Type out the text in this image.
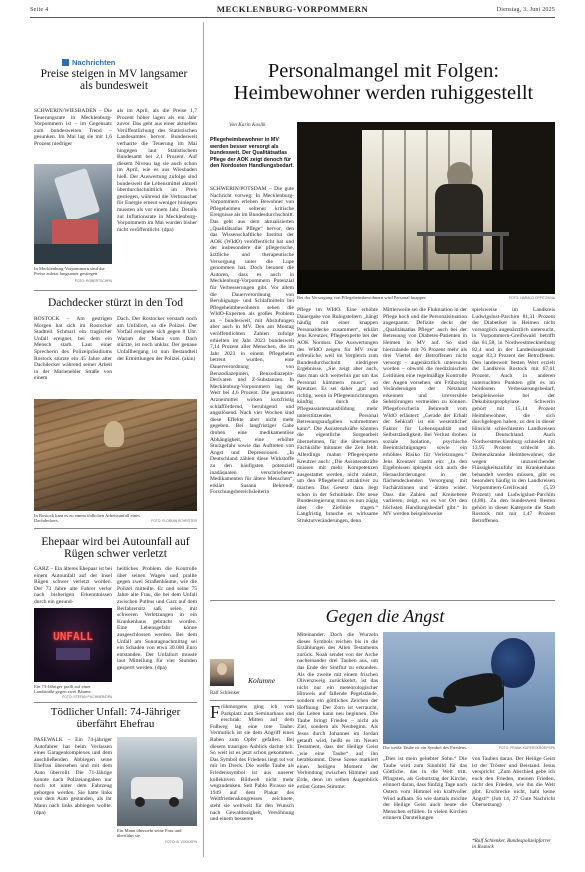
Seite 4	MECKLENBURG-VORPOMMERN	Dienstag, 3. Juni 2025
Nachrichten
Preise steigen in MV langsamer als bundesweit
SCHWERIN/WIESBADEN – Die Teuerungsrate in Mecklenburg-Vorpommern ist – im Gegensatz zum bundesweiten Trend – gesunken. Im Mai lag sie mit 1,6 Prozent niedriger
In Mecklenburg-Vorpommern sind die Preise zuletzt langsamer gestiegen.
FOTO: ROBERTSCHPN
als im April, als die Preise 1,7 Prozent höher lagen als ein Jahr zuvor. Das geht aus einer aktuellen Veröffentlichung des Statistischen Landesamtes hervor. Bundesweit verharrte die Teuerung im Mai hingegen laut Statistischem Bundesamt bei 2,1 Prozent. Auf diesem Niveau lag sie auch schon im April, wie es aus Wiesbaden hieß. Der Auswertung zufolge sind bundesweit die Lebensmittel aktuell überdurchschnittlich im Preis gestiegen, während die Verbraucher für Energie erneut weniger hinlegen mussten als vor einem Jahr. Details zur Inflationsrate in Mecklenburg-Vorpommern im Mai wurden bisher nicht veröffentlicht. (dpa)
Dachdecker stürzt in den Tod
ROSTOCK – Am gestrigen Morgen hat sich im Rostocker Stadtteil Schmarl ein tragischer Unfall ereignet, bei dem ein Mensch starb. Laut einer Sprecherin des Polizeipräsidiums Rostock stürzte ein 45 Jahre alter Dachdecker während seiner Arbeit in der Marienehler Straße von einem
Dach. Der Rostocker verstarb noch am Unfallort, so die Polizei. Der Vorfall ereignete sich gegen 8 Uhr. Warum der Mann vom Dach stürzte, ist noch unklar. Der genaue Unfallhergang ist nun Bestandteil der Ermittlungen der Polizei. (akin)
In Rostock kam es zu einem tödlichen Arbeitsunfall eines Dachdeckers.	FOTO: FLORIAN SCHRÖTER
Ehepaar wird bei Autounfall auf Rügen schwer verletzt
GARZ – Ein älteres Ehepaar ist bei einem Autounfall auf der Insel Rügen schwer verletzt worden. Der 73 Jahre alte Fahrer verlor nach bisherigen Erkenntnissen durch ein gesund-
UNFALL
Ein 73-Jähriger prallt auf einer Landstraße gegen zwei Bäume.
FOTO: STEFAN PUCHNER/DPA
heitliches Problem die Kontrolle über seinen Wagen und prallte gegen zwei Straßenbäume, wie die Polizei mitteilte. Er und seine 75 Jahre alte Frau, die bei dem Unfall zwischen Putbus und Garz auf dem Beifahrersitz saß, seien mit schweren Verletzungen in ein Krankenhaus gebracht worden. Eine Lebensgefahr könne ausgeschlossen werden. Bei dem Unfall am Sonntagnachmittag sei ein Schaden von etwa 30.000 Euro entstanden. Der Unfallort musste laut Mitteilung für vier Stunden gesperrt werden. (dpa)
Tödlicher Unfall: 74-Jähriger überfährt Ehefrau
PASEWALK – Ein 74-jähriger Autofahrer hat beim Verlassen eines Garagenkomplexes und dem anschließenden Abbiegen seine Ehefrau übersehen und mit dem Auto überrollt. Die 71-Jährige konnte nach Polizeiangaben nur noch tot unter dem Fahrzeug geborgen werden. Sie hatte links von dem Auto gestanden, als ihr Mann nach links abbiegen wollte. (dpa)
Ein Mann übersieht seine Frau und überfährt sie.
FOTO: B. VOGLSPN
Personalmangel mit Folgen: Heimbewohner werden ruhiggestellt
Von Karin Koslik
Pflegeheimbewohner in MV werden besser versorgt als bundesweit. Der Qualitätsatlas Pflege der AOK zeigt denoch für den Nordosten Handlungsbedarf.
SCHWERIN/POTSDAM – Die gute Nachricht vorweg: In Mecklenburg-Vorpommern erleben Bewohner von Pflegeheimen seltener kritische Ereignisse als im Bundesdurchschnitt. Das geht aus dem aktualisierten „Qualitätsatlas Pflege“ hervor, den das Wissenschaftliche Institut der AOK (WIdO) veröffentlicht hat und der insbesondere die pflegerische, ärztliche und therapeutische Versorgung unter die Lupe genommen hat. Doch betonen die Autoren, dass es auch in Mecklenburg-Vorpommern Potenzial für Verbesserungen gibt. Vor allem die Dauerverordnung von Beruhigungs- und Schlafmitteln bei Pflegeheimbewohnern sehen die WIdO-Experten als großes Problem an – bundesweit, mit Abstufungen aber auch in MV. Den am Montag veröffentlichten Zahlen zufolge erhielten im Jahr 2023 bundesweit 7,14 Prozent aller Menschen, die im Jahr 2023 in einem Pflegeheim betreut wurden, eine Dauerverordnung von Benzodiazepinen, Benzodiazepin-Derivaten und Z-Substanzen. In Mecklenburg-Vorpommern lag der Wert bei 4,6 Prozent. Die genannten Arzneimittel wirken kurzfristig schlaffördernd, beruhigend und angstlösend. Nach vier Wochen sind diese Effekte aber nicht mehr gegeben. Bei langfristiger Gabe drohen eine medikamentöse Abhängigkeit, eine erhöhte Sturzgefahr sowie das Auftreten von Angst und Depressionen. „In Deutschland zählen diese Wirkstoffe zu den häufigsten potenziell inadäquaten verschriebenen Medikamenten für ältere Menschen“, erklärt Susann Behrendt, Forschungsbereichsleiterin
Bei der Versorgung von Pflegeheimbewohnern wird Personal knapper.	FOTO: HARALD OPPITZ/KNA
Pflege im WIdO. Eine erhöhte Dauergabe von Ruhigstellern „hängt häufig mit einer knappen Personaldecke zusammen“, erklärt Jens Kreutzer, Pflegeexperte bei der AOK Nordost. Die Auswertungen des WIdO zeigen für MV zwar erfreuliche, weil im Vergleich zum Bundesdurchschnitt niedrigere Ergebnisse. „Sie zeigt aber auch, dass man sich weiterhin gut um das Personal kümmern muss“, so Kreutzer. Es sei daher „gut und richtig, wenn in Pflegeeinrichtungen künftig durch die Pflegeassistenzausbildung mehr unterstützendes Personal Betreuungsaufgaben wahrnehmen kann“. Die Assistenzkräfte könnten die eigentliche Sorgearbeit übernehmen, für die überlasteten Fachkräfte mitunter die Zeit fehlt. Allerdings mahnt Pflegeexperte Kreutzer auch: „Die Assistenzkräfte müssen mit mehr Kompetenzen ausgestattet werden, nicht zuletzt, um den Pflegeberuf attraktiver zu machen. Das Gesetz dazu liegt schon in der Schublade. Die neue Bundesregierung muss es nun zügig über die Ziellinie tragen.“ Langfristig brauche es wirksame Strukturveränderungen, denn
Mittlerweile sei die Fluktuation in der Pflege hoch und die Personalsituation angespannt. Defizite deckt der „Qualitätsatlas Pflege“ auch bei der Betreuung von Diabetes-Patienten in Heimen in MV auf. So sind hierzulande mit 76 Prozent mehr als drei Viertel der Betroffenen nicht versorgt – augenärztlich untersucht worden – obwohl die medizinischen Leitlinien eine regelmäßige Kontrolle der Augen vorsehen, um Frühzeitig Veränderungen der Netzhaut erkennen und irreversible Sehstörungen vermeiden zu können. Pflegeforscherin Behrendt vom WIdO erläutert: „Gerade der Erhalt der Sehkraft ist ein wesentlicher Faktor für Lebensqualität und Selbstständigkeit. Bei Verlust drohen soziale Isolation, psychische Beeinträchtigungen sowie ein erhöhtes Risiko für Verletzungen.“ Jens Kreutzer räumt ein: „In den Ergebnissen spiegeln sich auch die Herausforderungen in der flächendeckenden Versorgung mit Fachärztinnen und -ärzten wider. Dass die Zahlen auf Kreisebene variieren, zeigt, wo es vor Ort den höchsten Handlungsbedarf gibt.“ In MV werden beispielsweise
spielsweise im Landkreis Ludwigslust-Parchim 81,31 Prozent der Diabetiker in Heimen nicht vorsorglich augenärztlich untersucht, in Vorpommern-Greifswald betrifft das 81,58, in Nordwestmecklenburg 82,4 und in der Landeshauptstadt sogar 83,3 Prozent der Betroffenen. Den landesweit besten Wert erzielt der Landkreis Rostock mit 67,61 Prozent. Auch in anderen untersuchten Punkten gibt es im Nordosten Verbesserungsbedarf, beispielsweise bei der Dekubitusprophylaxe. Schwerin gehört mit 15,14 Prozent Heimbewohner, die sich durchgelegen haben, zu den in dieser Hinsicht schlechtesten Landkreisen in Deutschland. Auch Nordwestmecklenburg schneidet mit 13,95 Prozent schlecht ab. Demenzkranke Heimbewohner, die wegen unzureichender Flüssigkeitszufuhr im Krankenhaus behandelt werden müssen, gibt es besonders häufig in den Landkreisen Vorpommern-Greifswald (5,59 Prozent) und Ludwigslust-Parchim (4,88). Zu den bundesweit Besten gehört in dieser Kategorie die Stadt Rostock mit nur 1,47 Prozent Betroffenen.
Gegen die Angst
Kolumne
Ralf Schlenker
Frühmorgens ging ich vom Parkplatz zum Seminarhaus und erschrak: Mitten auf dem Fußweg lag eine tote Taube. Vermutlich ist sie dem Angriff eines Raben zum Opfer gefallen. Bei diesem traurigen Anblick dachte ich: So weit ist es jetzt schon gekommen. Das Symbol des Friedens liegt tot vor mir im Dreck. Die weiße Taube als Friedenssymbol ist aus unserer kollektiven Bildwelt nicht mehr wegzudenken. Seit Pablo Picasso sie 1949 auf dem Plakat des Weltfriedenskongresses zeichnete, steht sie weltweit für den Wunsch nach Gewaltlosigkeit, Versöhnung und einem besseren
Miteinander. Doch die Wurzeln dieses Symbols reichen bis in die Erzählungen des Alten Testaments zurück. Noah sendet von der Arche nacheinander drei Tauben aus, um das Ende der Sintflut zu erkunden. Als die zweite mit einem frischen Olivenzweig zurückkehrt, ist das nicht nur ein meteorologischer Hinweis auf fallende Pegelstände, sondern ein göttliches Zeichen der Hoffnung: Der Zorn ist verraucht, das Leben kann neu beginnen. Die Taube bringt Frieden – nicht als Ziel, sondern als Neubeginn. Als Jesus durch Johannes im Jordan getauft wird, heißt es im Neuen Testament, dass der Heilige Geist „wie eine Taube“ auf ihn herabkommt. Diese Szene markiert einen heiligen Moment der Verbindung zwischen Himmel und Erde, denn im selben Augenblick ertönt Gottes Stimme:
Die weiße Taube ist ein Symbol des Friedens.	FOTO: FRANK KUPERSKROEPSPA
„Dies ist mein geliebter Sohn.“ Die Taube wird zum Sinnbild für das Göttliche, das in die Welt tritt. Pfingsten, als Geburtstag der Kirche, erinnert daran, dass fünfzig Tage nach Ostern vom Himmel ein kraftvoller Wind aufkam. So wie damals möchte der Heilige Geist auch heute die Menschen erfüllen. In vielen Kirchen erinnern Darstellungen
von Tauben daran. Der Heilige Geist ist der Tröster und Beistand. Jesus verspricht: „Zum Abschied gebe ich euch den Frieden, meinen Frieden, nicht den Frieden, wie ihn die Welt gibt. Erschrecke nicht, habt keine Angst!“ (Joh 14, 27 Gute Nachricht Übersetzung)
*Ralf Schlenker, Bundespolizeipfarrer in Rostock
